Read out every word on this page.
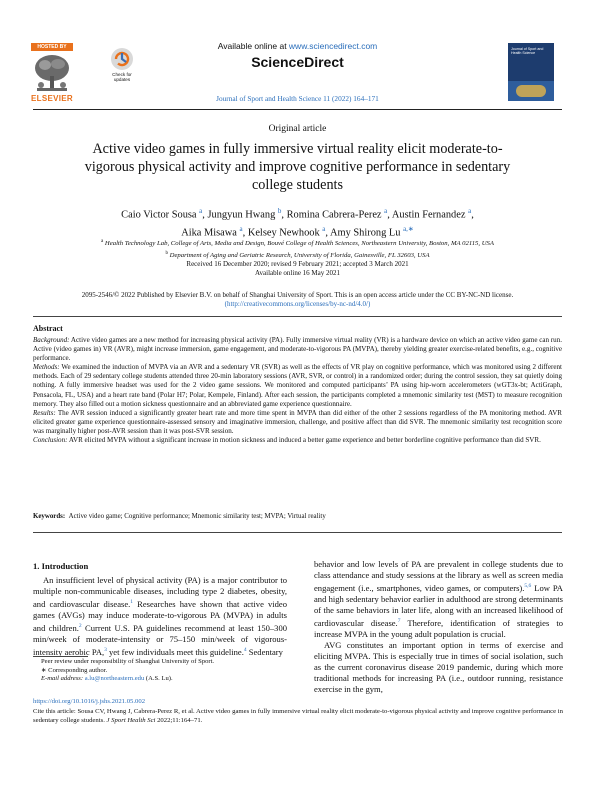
HOSTED BY
ELSEVIER
Check for updates
Available online at www.sciencedirect.com
ScienceDirect
Journal of Sport and Health Science 11 (2022) 164–171
Journal of Sport and Health Science
Original article
Active video games in fully immersive virtual reality elicit moderate-to-vigorous physical activity and improve cognitive performance in sedentary college students
Caio Victor Sousa $^a$, Jungyun Hwang $^b$, Romina Cabrera-Perez $^a$, Austin Fernandez $^a$,
Aika Misawa $^a$, Kelsey Newhook $^a$, Amy Shirong Lu $^{a,∗}$
$^a$ Health Technology Lab, College of Arts, Media and Design, Bouvé College of Health Sciences, Northeastern University, Boston, MA 02115, USA
$^b$ Department of Aging and Geriatric Research, University of Florida, Gainesville, FL 32603, USA
Received 16 December 2020; revised 9 February 2021; accepted 3 March 2021
Available online 16 May 2021
2095-2546/© 2022 Published by Elsevier B.V. on behalf of Shanghai University of Sport. This is an open access article under the CC BY-NC-ND license.
(http://creativecommons.org/licenses/by-nc-nd/4.0/)
Abstract

Background: Active video games are a new method for increasing physical activity (PA). Fully immersive virtual reality (VR) is a hardware device on which an active video game can run. Active (video games in) VR (AVR), might increase immersion, game engagement, and moderate-to-vigorous PA (MVPA), thereby yielding greater exercise-related benefits, e.g., cognitive performance.

Methods: We examined the induction of MVPA via an AVR and a sedentary VR (SVR) as well as the effects of VR play on cognitive performance, which was monitored using 2 different methods. Each of 29 sedentary college students attended three 20-min laboratory sessions (AVR, SVR, or control) in a randomized order; during the control session, they sat quietly doing nothing. A fully immersive headset was used for the 2 video game sessions. We monitored and computed participants’ PA using hip-worn accelerometers (wGT3x-bt; ActiGraph, Pensacola, FL, USA) and a heart rate band (Polar H7; Polar, Kempele, Finland). After each session, the participants completed a mnemonic similarity test (MST) to measure recognition memory. They also filled out a motion sickness questionnaire and an abbreviated game experience questionnaire.

Results: The AVR session induced a significantly greater heart rate and more time spent in MVPA than did either of the other 2 sessions regardless of the PA monitoring method. AVR elicited greater game experience questionnaire-assessed sensory and imaginative immersion, challenge, and positive affect than did SVR. The mnemonic similarity test recognition score was marginally higher post-AVR session than it was post-SVR session.

Conclusion: AVR elicited MVPA without a significant increase in motion sickness and induced a better game experience and better borderline cognitive performance than did SVR.

Keywords: Active video game; Cognitive performance; Mnemonic similarity test; MVPA; Virtual reality
1. Introduction

An insufficient level of physical activity (PA) is a major contributor to multiple non-communicable diseases, including type 2 diabetes, obesity, and cardiovascular disease.$^1$ Researches have shown that active video games (AVGs) may induce moderate-to-vigorous PA (MVPA) in adults and children.$^2$ Current U.S. PA guidelines recommend at least 150–300 min/week of moderate-intensity or 75–150 min/week of vigorous-intensity aerobic PA,$^3$ yet few individuals meet this guideline.$^4$ Sedentary

Peer review under responsibility of Shanghai University of Sport.
∗ Corresponding author.
E-mail address: a.lu@northeastern.edu (A.S. Lu).

behavior and low levels of PA are prevalent in college students due to class attendance and study sessions at the library as well as screen media engagement (i.e., smartphones, video games, or computers).$^{5,6}$ Low PA and high sedentary behavior earlier in adulthood are strong determinants of the same behaviors in later life, along with an increased likelihood of cardiovascular disease.$^7$ Therefore, identification of strategies to increase MVPA in the young adult population is crucial.

AVG constitutes an important option in terms of exercise and eliciting MVPA. This is especially true in times of social isolation, such as the current coronavirus disease 2019 pandemic, during which more traditional methods for increasing PA (i.e., outdoor running, resistance exercise in the gym,

https://doi.org/10.1016/j.jshs.2021.05.002
Cite this article: Sousa CV, Hwang J, Cabrera-Perez R, et al. Active video games in fully immersive virtual reality elicit moderate-to-vigorous physical activity and improve cognitive performance in sedentary college students. J Sport Health Sci 2022;11:164–71.
